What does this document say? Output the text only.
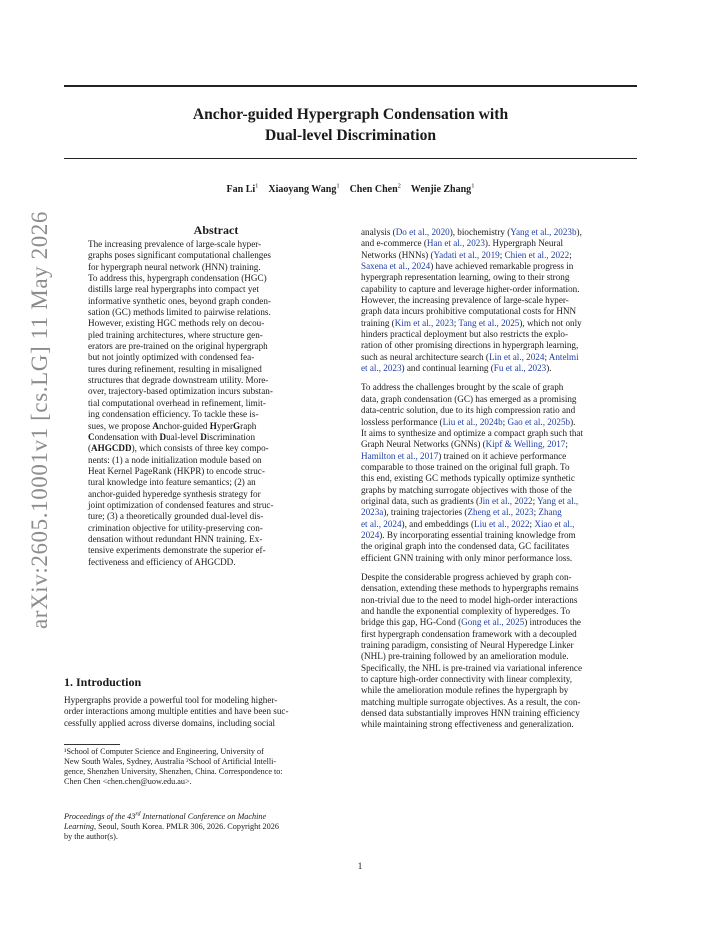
Anchor-guided Hypergraph Condensation with
Dual-level Discrimination
Fan Li$^1$   Xiaoyang Wang$^1$   Chen Chen$^2$   Wenjie Zhang$^1$
arXiv:2605.10001v1 [cs.LG] 11 May 2026	Abstract
The increasing prevalence of large-scale hyper-
graphs poses significant computational challenges
for hypergraph neural network (HNN) training.
To address this, hypergraph condensation (HGC)
distills large real hypergraphs into compact yet
informative synthetic ones, beyond graph conden-
sation (GC) methods limited to pairwise relations.
However, existing HGC methods rely on decou-
pled training architectures, where structure gen-
erators are pre-trained on the original hypergraph
but not jointly optimized with condensed fea-
tures during refinement, resulting in misaligned
structures that degrade downstream utility. More-
over, trajectory-based optimization incurs substan-
tial computational overhead in refinement, limit-
ing condensation efficiency. To tackle these is-
sues, we propose Anchor-guided HyperGraph
Condensation with Dual-level Discrimination
(AHGCDD), which consists of three key compo-
nents: (1) a node initialization module based on
Heat Kernel PageRank (HKPR) to encode struc-
tural knowledge into feature semantics; (2) an
anchor-guided hyperedge synthesis strategy for
joint optimization of condensed features and struc-
ture; (3) a theoretically grounded dual-level dis-
crimination objective for utility-preserving con-
densation without redundant HNN training. Ex-
tensive experiments demonstrate the superior ef-
fectiveness and efficiency of AHGCDD.
1. Introduction
Hypergraphs provide a powerful tool for modeling higher-
order interactions among multiple entities and have been suc-
cessfully applied across diverse domains, including social
¹School of Computer Science and Engineering, University of
New South Wales, Sydney, Australia ²School of Artificial Intelli-
gence, Shenzhen University, Shenzhen, China. Correspondence to:
Chen Chen <chen.chen@uow.edu.au>.
Proceedings of the 43rd International Conference on Machine
Learning, Seoul, South Korea. PMLR 306, 2026. Copyright 2026
by the author(s).

analysis (Do et al., 2020), biochemistry (Yang et al., 2023b),
and e-commerce (Han et al., 2023). Hypergraph Neural
Networks (HNNs) (Yadati et al., 2019; Chien et al., 2022;
Saxena et al., 2024) have achieved remarkable progress in
hypergraph representation learning, owing to their strong
capability to capture and leverage higher-order information.
However, the increasing prevalence of large-scale hyper-
graph data incurs prohibitive computational costs for HNN
training (Kim et al., 2023; Tang et al., 2025), which not only
hinders practical deployment but also restricts the explo-
ration of other promising directions in hypergraph learning,
such as neural architecture search (Lin et al., 2024; Antelmi
et al., 2023) and continual learning (Fu et al., 2023).

To address the challenges brought by the scale of graph
data, graph condensation (GC) has emerged as a promising
data-centric solution, due to its high compression ratio and
lossless performance (Liu et al., 2024b; Gao et al., 2025b).
It aims to synthesize and optimize a compact graph such that
Graph Neural Networks (GNNs) (Kipf & Welling, 2017;
Hamilton et al., 2017) trained on it achieve performance
comparable to those trained on the original full graph. To
this end, existing GC methods typically optimize synthetic
graphs by matching surrogate objectives with those of the
original data, such as gradients (Jin et al., 2022; Yang et al.,
2023a), training trajectories (Zheng et al., 2023; Zhang
et al., 2024), and embeddings (Liu et al., 2022; Xiao et al.,
2024). By incorporating essential training knowledge from
the original graph into the condensed data, GC facilitates
efficient GNN training with only minor performance loss.

Despite the considerable progress achieved by graph con-
densation, extending these methods to hypergraphs remains
non-trivial due to the need to model high-order interactions
and handle the exponential complexity of hyperedges. To
bridge this gap, HG-Cond (Gong et al., 2025) introduces the
first hypergraph condensation framework with a decoupled
training paradigm, consisting of Neural Hyperedge Linker
(NHL) pre-training followed by an amelioration module.
Specifically, the NHL is pre-trained via variational inference
to capture high-order connectivity with linear complexity,
while the amelioration module refines the hypergraph by
matching multiple surrogate objectives. As a result, the con-
densed data substantially improves HNN training efficiency
while maintaining strong effectiveness and generalization.

1
